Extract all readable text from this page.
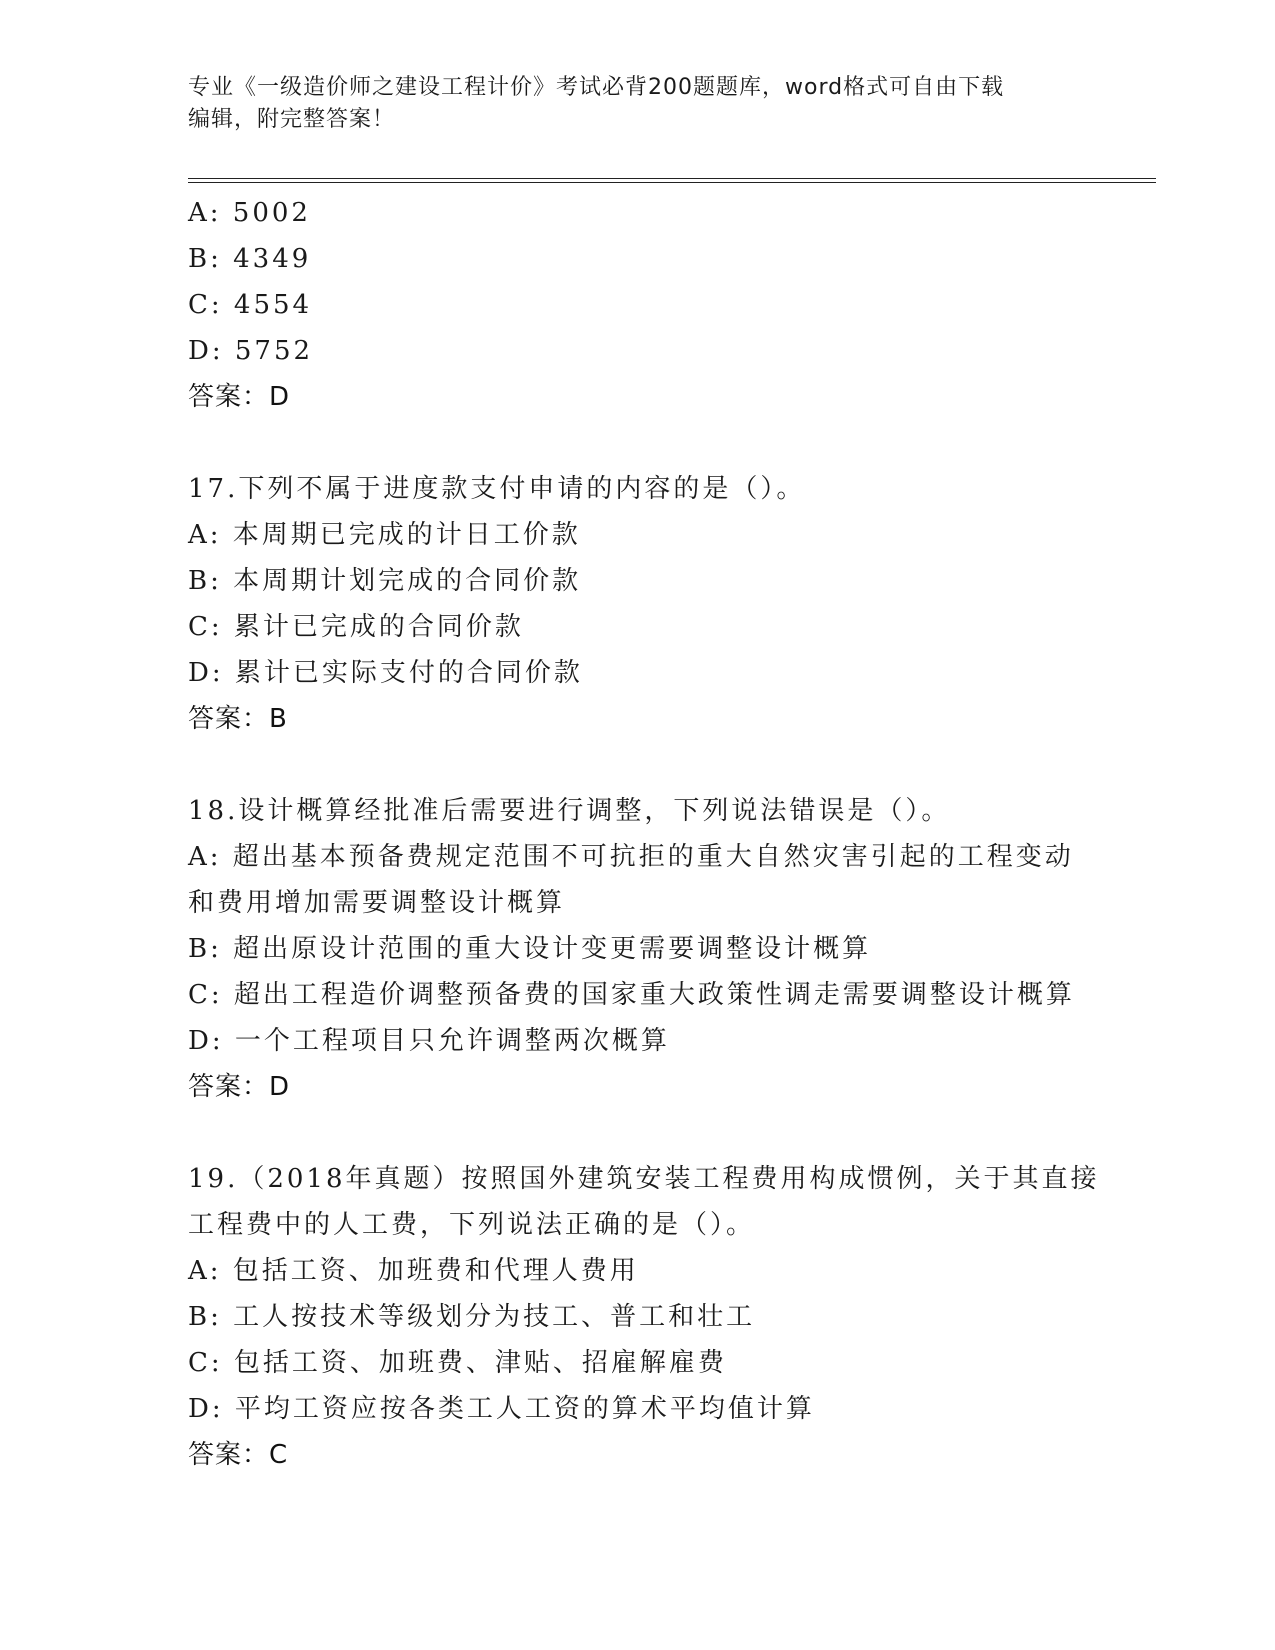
专业《一级造价师之建设工程计价》考试必背200题题库，word格式可自由下载
编辑，附完整答案！
A: 5002
B: 4349
C: 4554
D: 5752
答案：D
17.下列不属于进度款支付申请的内容的是（）。
A: 本周期已完成的计日工价款
B: 本周期计划完成的合同价款
C: 累计已完成的合同价款
D: 累计已实际支付的合同价款
答案：B
18.设计概算经批准后需要进行调整，下列说法错误是（）。
A: 超出基本预备费规定范围不可抗拒的重大自然灾害引起的工程变动
和费用增加需要调整设计概算
B: 超出原设计范围的重大设计变更需要调整设计概算
C: 超出工程造价调整预备费的国家重大政策性调走需要调整设计概算
D: 一个工程项目只允许调整两次概算
答案：D
19.（2018年真题）按照国外建筑安装工程费用构成惯例，关于其直接
工程费中的人工费，下列说法正确的是（）。
A: 包括工资、加班费和代理人费用
B: 工人按技术等级划分为技工、普工和壮工
C: 包括工资、加班费、津贴、招雇解雇费
D: 平均工资应按各类工人工资的算术平均值计算
答案：C
